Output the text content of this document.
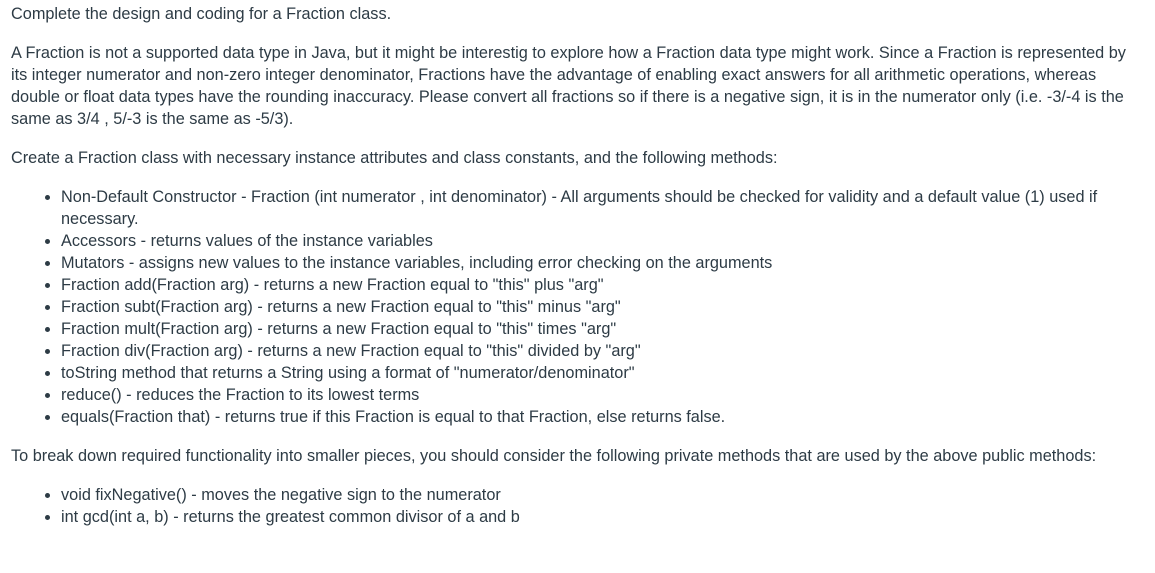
Complete the design and coding for a Fraction class.

A Fraction is not a supported data type in Java, but it might be interestig to explore how a Fraction data type might work. Since a Fraction is represented by its integer numerator and non-zero integer denominator, Fractions have the advantage of enabling exact answers for all arithmetic operations, whereas double or float data types have the rounding inaccuracy. Please convert all fractions so if there is a negative sign, it is in the numerator only (i.e. -3/-4 is the same as 3/4 , 5/-3 is the same as -5/3).

Create a Fraction class with necessary instance attributes and class constants, and the following methods:

• Non-Default Constructor - Fraction (int numerator , int denominator) - All arguments should be checked for validity and a default value (1) used if necessary.
• Accessors - returns values of the instance variables
• Mutators - assigns new values to the instance variables, including error checking on the arguments
• Fraction add(Fraction arg) - returns a new Fraction equal to "this" plus "arg"
• Fraction subt(Fraction arg) - returns a new Fraction equal to "this" minus "arg"
• Fraction mult(Fraction arg) - returns a new Fraction equal to "this" times "arg"
• Fraction div(Fraction arg) - returns a new Fraction equal to "this" divided by "arg"
• toString method that returns a String using a format of "numerator/denominator"
• reduce() - reduces the Fraction to its lowest terms
• equals(Fraction that) - returns true if this Fraction is equal to that Fraction, else returns false.

To break down required functionality into smaller pieces, you should consider the following private methods that are used by the above public methods:

• void fixNegative() - moves the negative sign to the numerator
• int gcd(int a, b) - returns the greatest common divisor of a and b
